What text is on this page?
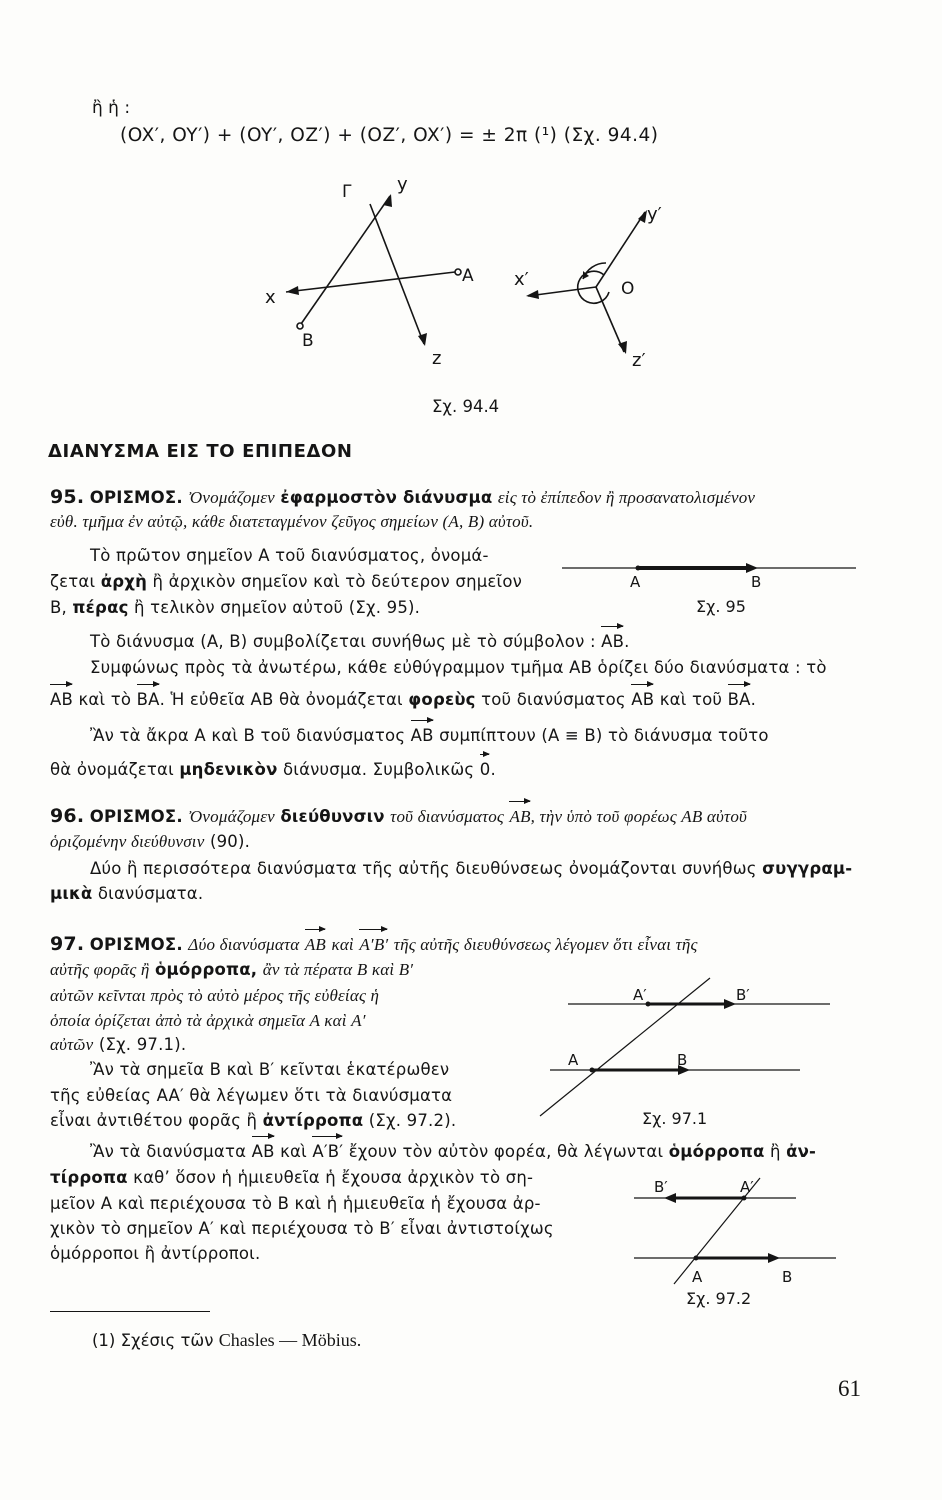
ἢ ἡ :
(OX′, OY′) + (OY′, OZ′) + (OZ′, OX′) = ± 2π (¹) (Σχ. 94.4)
Γ	y
x
A
B
z
x′
y′
O
z′
Σχ. 94.4
ΔΙΑΝΥΣΜΑ ΕΙΣ ΤΟ ΕΠΙΠΕΔΟΝ
95. ΟΡΙΣΜΟΣ. Ὀνομάζομεν ἐφαρμοστὸν διάνυσμα εἰς τὸ ἐπίπεδον ἢ προσανατολισμένον
εὐθ. τμῆμα ἐν αὐτῷ, κάθε διατεταγμένον ζεῦγος σημείων (A, B) αὐτοῦ.
Τὸ πρῶτον σημεῖον A τοῦ διανύσματος, ὀνομά-
ζεται ἀρχὴ ἢ ἀρχικὸν σημεῖον καὶ τὸ δεύτερον σημεῖον
B, πέρας ἢ τελικὸν σημεῖον αὐτοῦ (Σχ. 95).
A	B
Σχ. 95
Τὸ διάνυσμα (A, B) συμβολίζεται συνήθως μὲ τὸ σύμβολον : AB.
Συμφώνως πρὸς τὰ ἀνωτέρω, κάθε εὐθύγραμμον τμῆμα AB ὁρίζει δύο διανύσματα : τὸ
AB καὶ τὸ BA. Ἡ εὐθεῖα AB θὰ ὀνομάζεται φορεὺς τοῦ διανύσματος AB καὶ τοῦ BA.
Ἂν τὰ ἄκρα A καὶ B τοῦ διανύσματος AB συμπίπτουν (A ≡ B) τὸ διάνυσμα τοῦτο
θὰ ὀνομάζεται μηδενικὸν διάνυσμα. Συμβολικῶς 0.
96. ΟΡΙΣΜΟΣ. Ὀνομάζομεν διεύθυνσιν τοῦ διανύσματος AB, τὴν ὑπὸ τοῦ φορέως AB αὐτοῦ
ὁριζομένην διεύθυνσιν (90).
Δύο ἢ περισσότερα διανύσματα τῆς αὐτῆς διευθύνσεως ὀνομάζονται συνήθως συγγραμ-
μικὰ διανύσματα.
97. ΟΡΙΣΜΟΣ. Δύο διανύσματα AB καὶ A′B′ τῆς αὐτῆς διευθύνσεως λέγομεν ὅτι εἶναι τῆς
αὐτῆς φορᾶς ἢ ὁμόρροπα, ἂν τὰ πέρατα B καὶ B′
αὐτῶν κεῖνται πρὸς τὸ αὐτὸ μέρος τῆς εὐθείας ἡ
ὁποία ὁρίζεται ἀπὸ τὰ ἀρχικὰ σημεῖα A καὶ A′
αὐτῶν (Σχ. 97.1).
Ἂν τὰ σημεῖα B καὶ B′ κεῖνται ἑκατέρωθεν
τῆς εὐθείας AA′ θὰ λέγωμεν ὅτι τὰ διανύσματα
εἶναι ἀντιθέτου φορᾶς ἢ ἀντίρροπα (Σχ. 97.2).
A′	B′
A	B
Σχ. 97.1
Ἂν τὰ διανύσματα AB καὶ A′B′ ἔχουν τὸν αὐτὸν φορέα, θὰ λέγωνται ὁμόρροπα ἢ ἀν-
τίρροπα καθ’ ὅσον ἡ ἡμιευθεῖα ἡ ἔχουσα ἀρχικὸν τὸ ση-
μεῖον A καὶ περιέχουσα τὸ B καὶ ἡ ἡμιευθεῖα ἡ ἔχουσα ἀρ-
χικὸν τὸ σημεῖον A′ καὶ περιέχουσα τὸ B′ εἶναι ἀντιστοίχως
ὁμόρροποι ἢ ἀντίρροποι.
B′	A′
A	B
Σχ. 97.2
(1) Σχέσις τῶν Chasles — Möbius.
61
